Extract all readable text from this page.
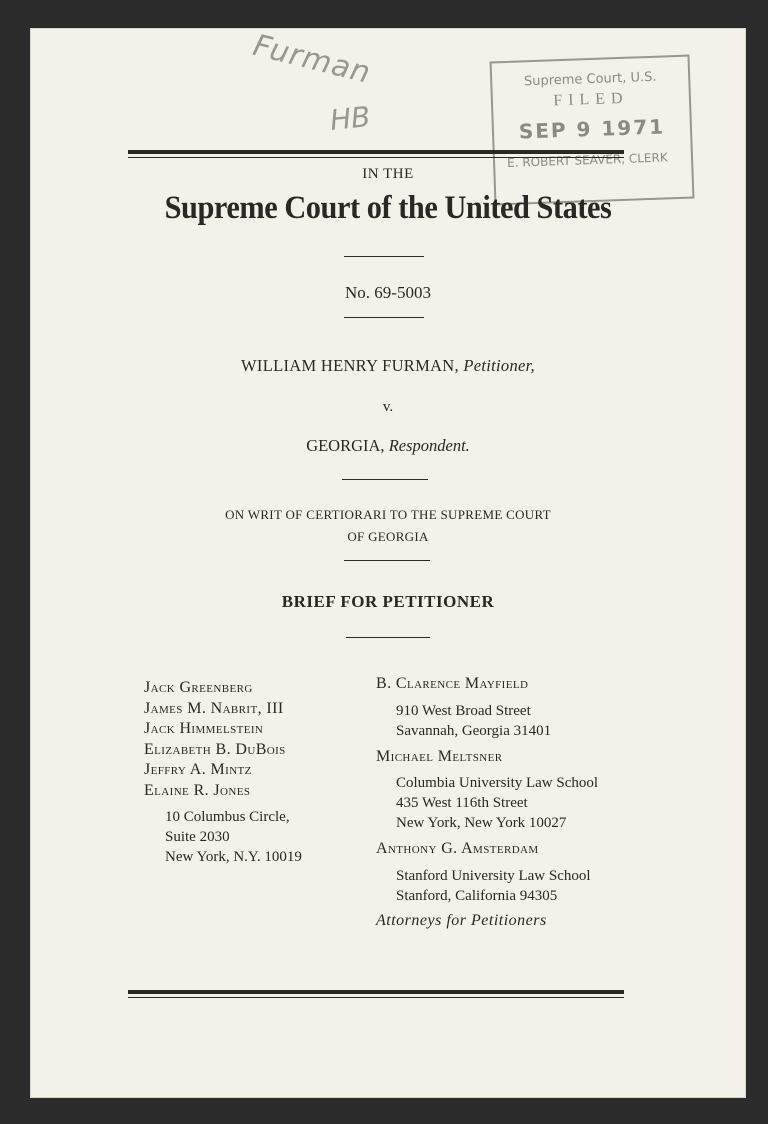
Furman
HB
Supreme Court, U.S.
FILED
SEP 9 1971
E. ROBERT SEAVER, CLERK
IN THE
Supreme Court of the United States
No. 69-5003
WILLIAM HENRY FURMAN, Petitioner,
v.
GEORGIA, Respondent.
ON WRIT OF CERTIORARI TO THE SUPREME COURT
OF GEORGIA
BRIEF FOR PETITIONER
Jack Greenberg
James M. Nabrit, III
Jack Himmelstein
Elizabeth B. DuBois
Jeffry A. Mintz
Elaine R. Jones
10 Columbus Circle,
Suite 2030
New York, N.Y. 10019
B. Clarence Mayfield
910 West Broad Street
Savannah, Georgia 31401
Michael Meltsner
Columbia University Law School
435 West 116th Street
New York, New York 10027
Anthony G. Amsterdam
Stanford University Law School
Stanford, California 94305
Attorneys for Petitioners
